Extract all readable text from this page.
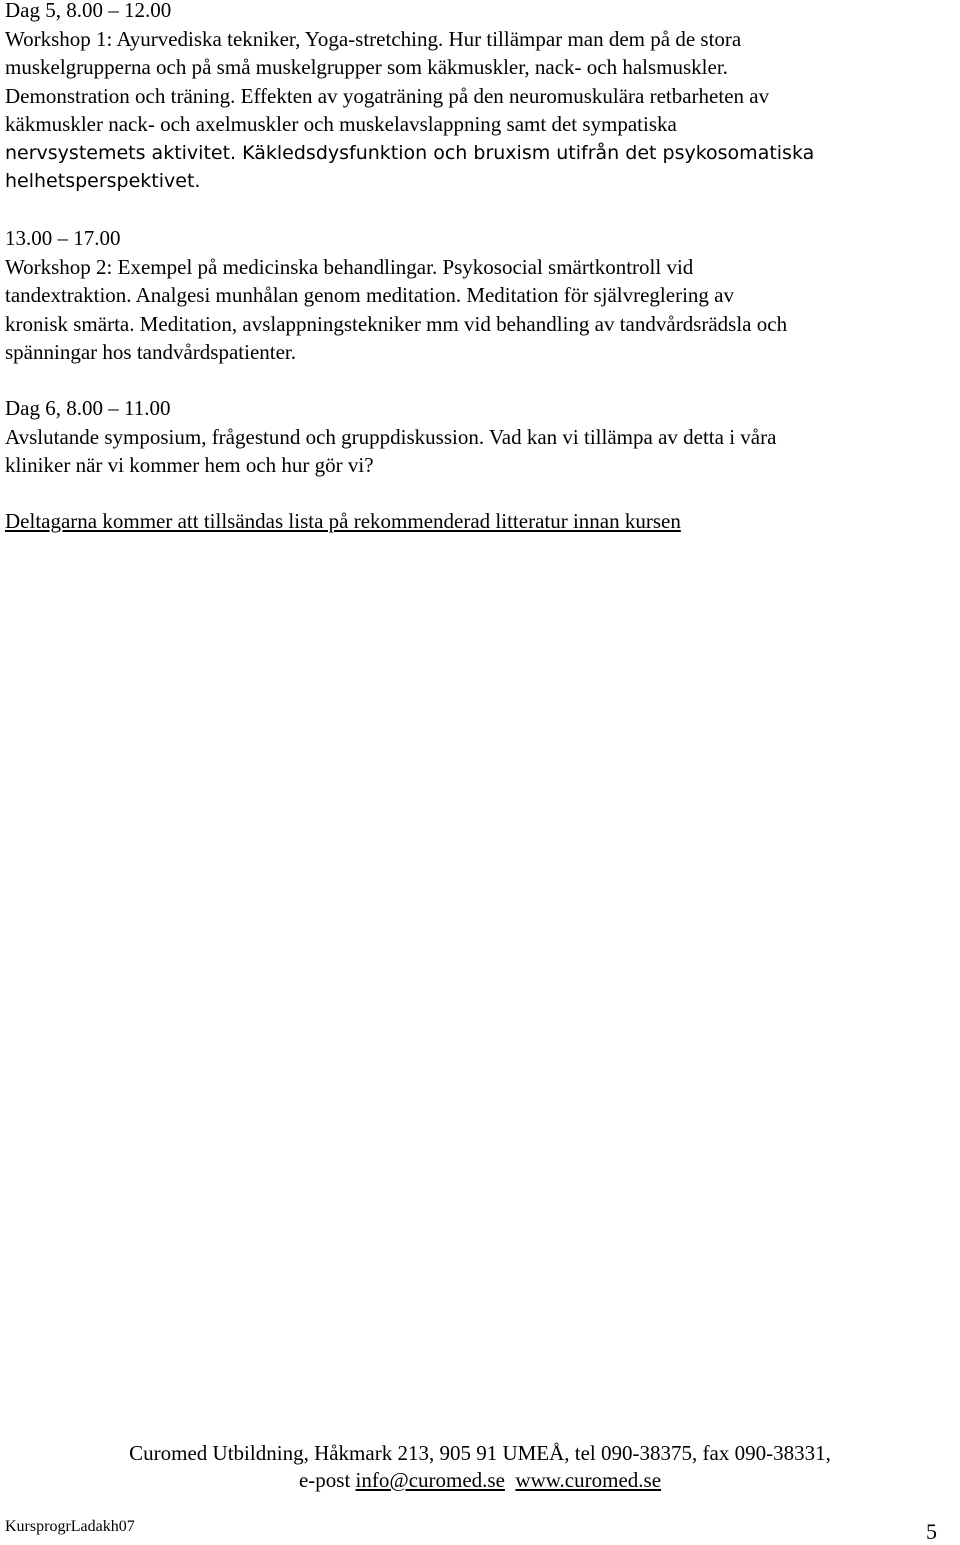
Dag 5, 8.00 – 12.00
Workshop 1: Ayurvediska tekniker, Yoga-stretching. Hur tillämpar man dem på de stora
muskelgrupperna och på små muskelgrupper som käkmuskler, nack- och halsmuskler.
Demonstration och träning. Effekten av yogaträning på den neuromuskulära retbarheten av
käkmuskler nack- och axelmuskler och muskelavslappning samt det sympatiska
nervsystemets aktivitet. Käkledsdysfunktion och bruxism utifrån det psykosomatiska
helhetsperspektivet.
13.00 – 17.00
Workshop 2: Exempel på medicinska behandlingar. Psykosocial smärtkontroll vid
tandextraktion. Analgesi munhålan genom meditation. Meditation för självreglering av
kronisk smärta. Meditation, avslappningstekniker mm vid behandling av tandvårdsrädsla och
spänningar hos tandvårdspatienter.
Dag 6, 8.00 – 11.00
Avslutande symposium, frågestund och gruppdiskussion. Vad kan vi tillämpa av detta i våra
kliniker när vi kommer hem och hur gör vi?
Deltagarna kommer att tillsändas lista på rekommenderad litteratur innan kursen
Curomed Utbildning, Håkmark 213, 905 91 UMEÅ, tel 090-38375, fax 090-38331,
e-post info@curomed.se www.curomed.se
KursprogrLadakh07	5
